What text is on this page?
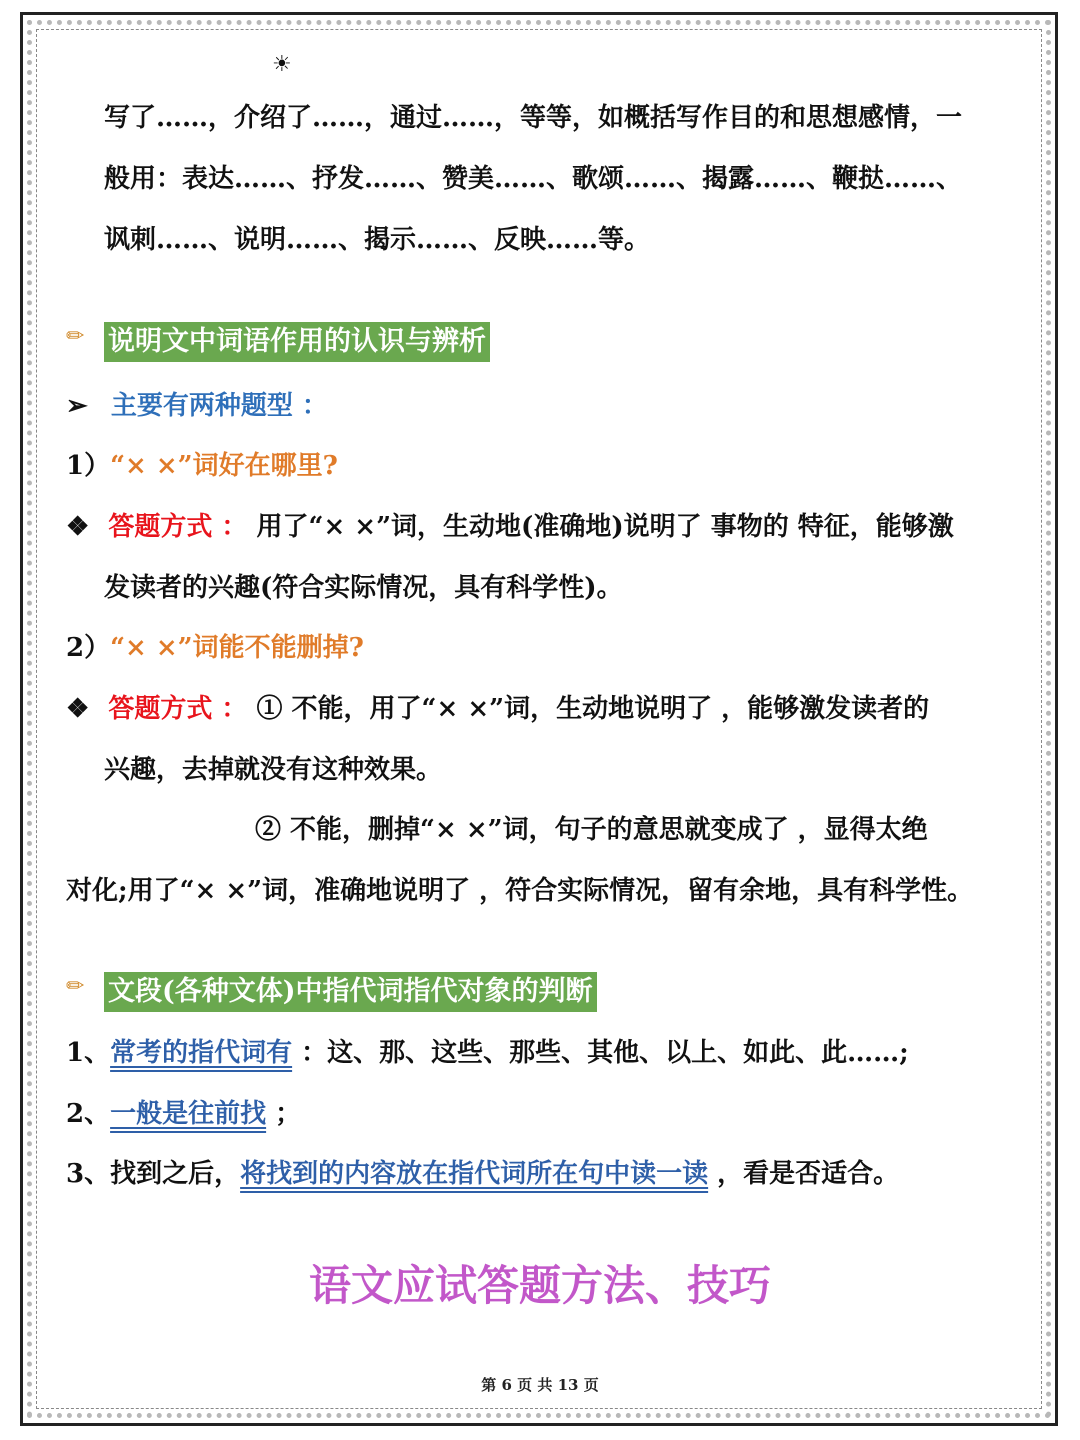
☀
写了……，介绍了……，通过……，等等，如概括写作目的和思想感情，一
般用：表达……、抒发……、赞美……、歌颂……、揭露……、鞭挞……、
讽刺……、说明……、揭示……、反映……等。
✏ 说明文中词语作用的认识与辨析
➢ 主要有两种题型 ：
1）“× ×”词好在哪里?
❖ 答题方式 ： 用了“× ×”词，生动地(准确地)说明了 事物的 特征，能够激
发读者的兴趣(符合实际情况，具有科学性)。
2）“× ×”词能不能删掉?
❖ 答题方式 ： ① 不能，用了“× ×”词，生动地说明了 ，能够激发读者的
兴趣，去掉就没有这种效果。
② 不能，删掉“× ×”词，句子的意思就变成了 ，显得太绝
对化;用了“× ×”词，准确地说明了 ，符合实际情况，留有余地，具有科学性。
✏ 文段(各种文体)中指代词指代对象的判断
1、常考的指代词有 ：这、那、这些、那些、其他、以上、如此、此……;
2、一般是往前找 ；
3、找到之后，将找到的内容放在指代词所在句中读一读 ，看是否适合。
语文应试答题方法、技巧
第 6 页 共 13 页
